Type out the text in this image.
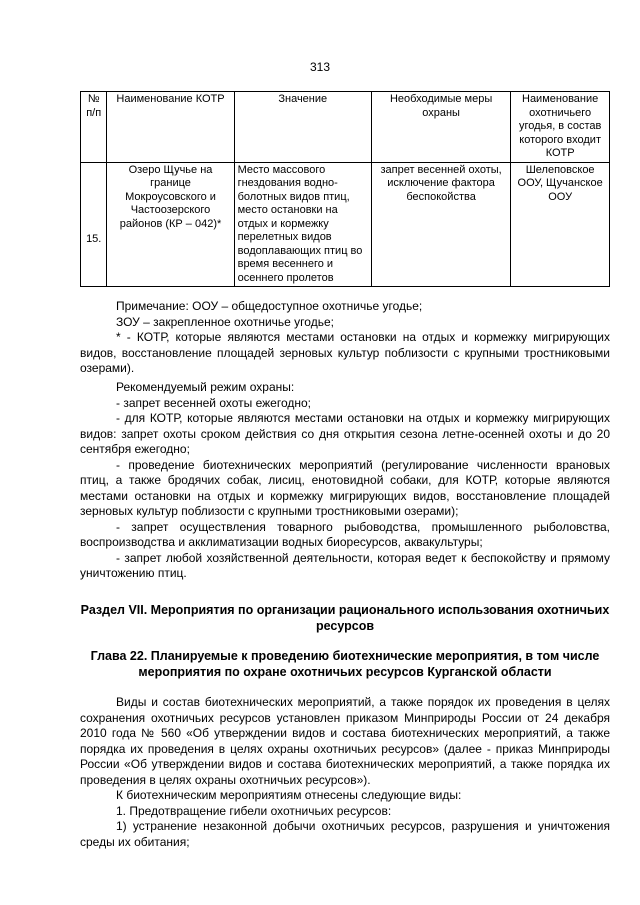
313
№ п/п	Наименование КОТР	Значение	Необходимые меры охраны	Наименование охотничьего угодья, в состав которого входит КОТР
15.	Озеро Щучье на границе Мокроусовского и Частоозерского районов (КР – 042)*	Место массового гнездования водно-болотных видов птиц, место остановки на отдых и кормежку перелетных видов водоплавающих птиц во время весеннего и осеннего пролетов	запрет весенней охоты, исключение фактора беспокойства	Шелеповское ООУ, Щучанское ООУ

Примечание: ООУ – общедоступное охотничье угодье;

ЗОУ – закрепленное охотничье угодье;

* - КОТР, которые являются местами остановки на отдых и кормежку мигрирующих видов, восстановление площадей зерновых культур поблизости с крупными тростниковыми озерами).

Рекомендуемый режим охраны:

- запрет весенней охоты ежегодно;

- для КОТР, которые являются местами остановки на отдых и кормежку мигрирующих видов: запрет охоты сроком действия со дня открытия сезона летне-осенней охоты и до 20 сентября ежегодно;

- проведение биотехнических мероприятий (регулирование численности врановых птиц, а также бродячих собак, лисиц, енотовидной собаки, для КОТР, которые являются местами остановки на отдых и кормежку мигрирующих видов, восстановление площадей зерновых культур поблизости с крупными тростниковыми озерами);

- запрет осуществления товарного рыбоводства, промышленного рыболовства, воспроизводства и акклиматизации водных биоресурсов, аквакультуры;

- запрет любой хозяйственной деятельности, которая ведет к беспокойству и прямому уничтожению птиц.

Раздел VII. Мероприятия по организации рационального использования охотничьих ресурсов
Глава 22. Планируемые к проведению биотехнические мероприятия, в том числе мероприятия по охране охотничьих ресурсов Курганской области

Виды и состав биотехнических мероприятий, а также порядок их проведения в целях сохранения охотничьих ресурсов установлен приказом Минприроды России от 24 декабря 2010 года № 560 «Об утверждении видов и состава биотехнических мероприятий, а также порядка их проведения в целях охраны охотничьих ресурсов» (далее - приказ Минприроды России «Об утверждении видов и состава биотехнических мероприятий, а также порядка их проведения в целях охраны охотничьих ресурсов»).

К биотехническим мероприятиям отнесены следующие виды:

1. Предотвращение гибели охотничьих ресурсов:

1) устранение незаконной добычи охотничьих ресурсов, разрушения и уничтожения среды их обитания;
